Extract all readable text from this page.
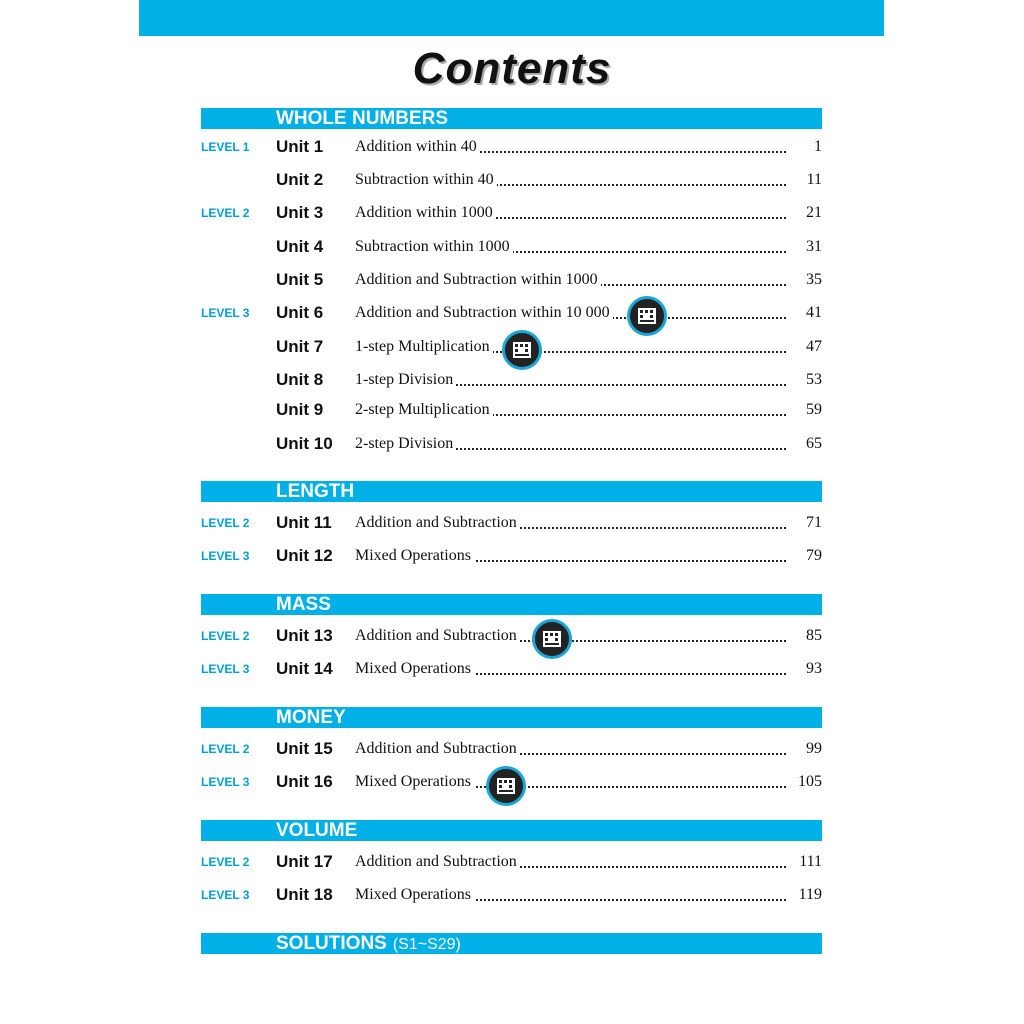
Contents
WHOLE NUMBERS
LENGTH
MASS
MONEY
VOLUME
SOLUTIONS (S1~S29)
LEVEL 1 Unit 1 Addition within 40	1
Unit 2 Subtraction within 40	11
LEVEL 2 Unit 3 Addition within 1000	21
Unit 4 Subtraction within 1000	31
Unit 5 Addition and Subtraction within 1000	35
LEVEL 3 Unit 6 Addition and Subtraction within 10 000	41
Unit 7 1-step Multiplication	47
Unit 8 1-step Division	53
Unit 9 2-step Multiplication	59
Unit 10 2-step Division	65
LEVEL 2 Unit 11 Addition and Subtraction	71
LEVEL 3 Unit 12 Mixed Operations	79
LEVEL 2 Unit 13 Addition and Subtraction	85
LEVEL 3 Unit 14 Mixed Operations	93
LEVEL 2 Unit 15 Addition and Subtraction	99
LEVEL 3 Unit 16 Mixed Operations	105
LEVEL 2 Unit 17 Addition and Subtraction	111
LEVEL 3 Unit 18 Mixed Operations	119
